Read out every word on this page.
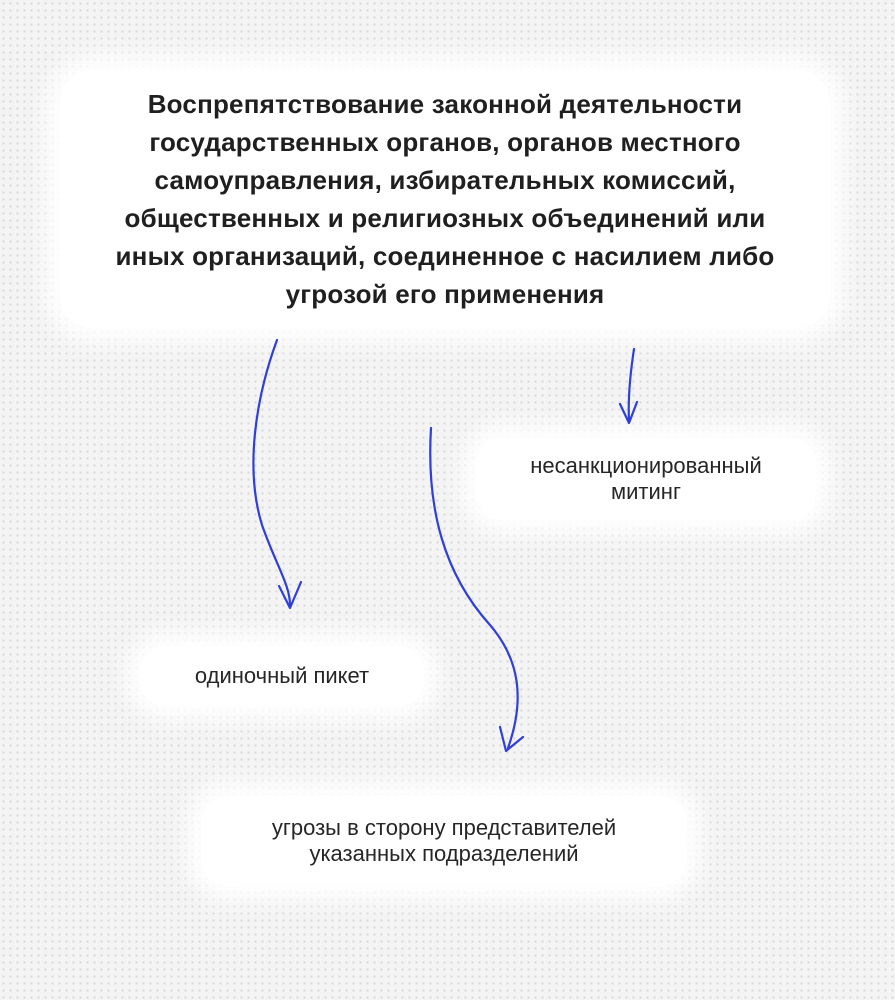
Воспрепятствование законной деятельности государственных органов, органов местного самоуправления, избирательных комиссий, общественных и религиозных объединений или иных организаций, соединенное с насилием либо угрозой его применения
несанкционированный митинг
одиночный пикет
угрозы в сторону представителей указанных подразделений
